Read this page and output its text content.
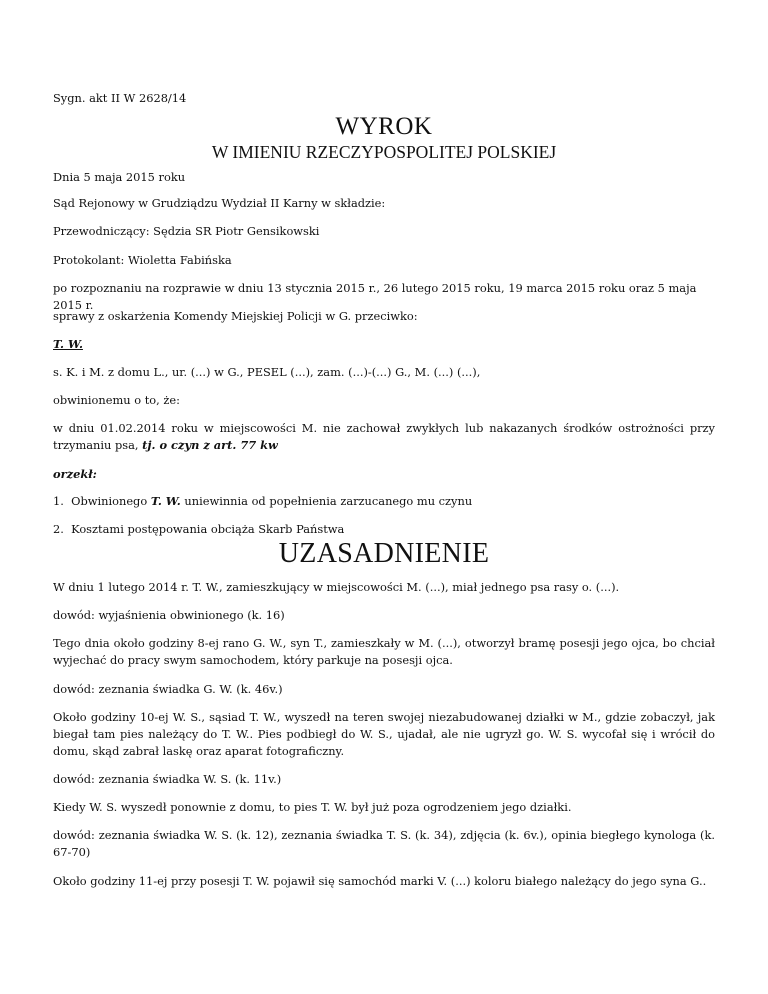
Sygn. akt II W 2628/14

WYROK
W IMIENIU RZECZYPOSPOLITEJ POLSKIEJ

Dnia 5 maja 2015 roku

Sąd Rejonowy w Grudziądzu Wydział II Karny w składzie:

Przewodniczący: Sędzia SR Piotr Gensikowski

Protokolant: Wioletta Fabińska

po rozpoznaniu na rozprawie w dniu 13 stycznia 2015 r., 26 lutego 2015 roku, 19 marca 2015 roku oraz 5 maja 2015 r.

sprawy z oskarżenia Komendy Miejskiej Policji w G. przeciwko:

T. W.

s. K. i M. z domu L., ur. (...) w G., PESEL (...), zam. (...)-(...) G., M. (...) (...),

obwinionemu o to, że:

w dniu 01.02.2014 roku w miejscowości M. nie zachował zwykłych lub nakazanych środków ostrożności przy trzymaniu psa, tj. o czyn z art. 77 kw

orzekł:

1. Obwinionego T. W. uniewinnia od popełnienia zarzucanego mu czynu

2. Kosztami postępowania obciąża Skarb Państwa

UZASADNIENIE

W dniu 1 lutego 2014 r. T. W., zamieszkujący w miejscowości M. (...), miał jednego psa rasy o. (...).

dowód: wyjaśnienia obwinionego (k. 16)

Tego dnia około godziny 8-ej rano G. W., syn T., zamieszkały w M. (...), otworzył bramę posesji jego ojca, bo chciał wyjechać do pracy swym samochodem, który parkuje na posesji ojca.

dowód: zeznania świadka G. W. (k. 46v.)

Około godziny 10-ej W. S., sąsiad T. W., wyszedł na teren swojej niezabudowanej działki w M., gdzie zobaczył, jak biegał tam pies należący do T. W.. Pies podbiegł do W. S., ujadał, ale nie ugryzł go. W. S. wycofał się i wrócił do domu, skąd zabrał laskę oraz aparat fotograficzny.

dowód: zeznania świadka W. S. (k. 11v.)

Kiedy W. S. wyszedł ponownie z domu, to pies T. W. był już poza ogrodzeniem jego działki.

dowód: zeznania świadka W. S. (k. 12), zeznania świadka T. S. (k. 34), zdjęcia (k. 6v.), opinia biegłego kynologa (k. 67-70)

Około godziny 11-ej przy posesji T. W. pojawił się samochód marki V. (...) koloru białego należący do jego syna G..
